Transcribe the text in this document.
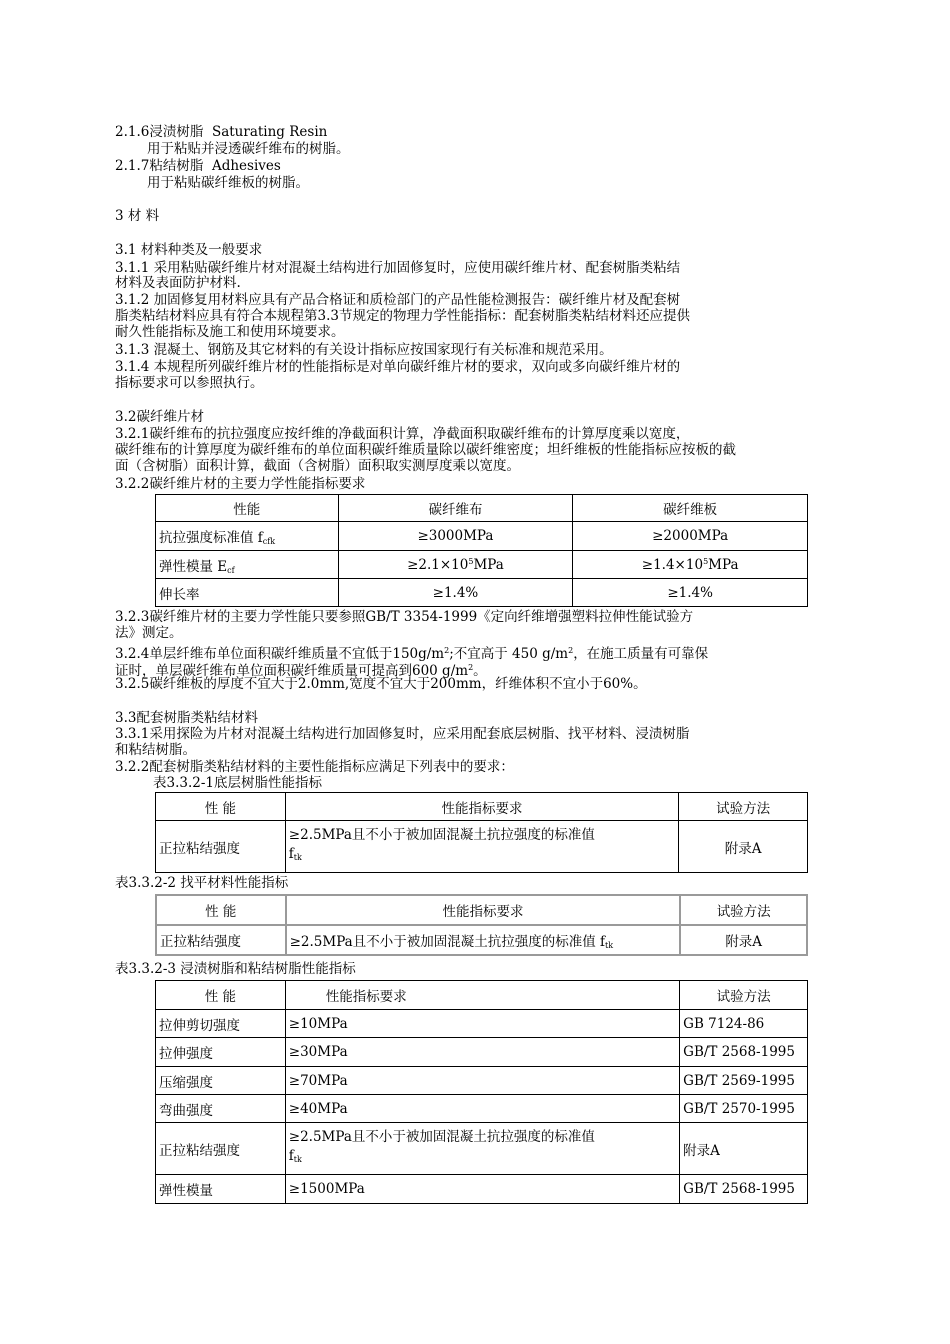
2.1.6浸渍树脂 Saturating Resin

用于粘贴并浸透碳纤维布的树脂。

2.1.7粘结树脂 Adhesives

用于粘贴碳纤维板的树脂。

3 材 料

3.1 材料种类及一般要求

3.1.1 采用粘贴碳纤维片材对混凝土结构进行加固修复时，应使用碳纤维片材、配套树脂类粘结

材料及表面防护材料.

3.1.2 加固修复用材料应具有产品合格证和质检部门的产品性能检测报告：碳纤维片材及配套树

脂类粘结材料应具有符合本规程第3.3节规定的物理力学性能指标：配套树脂类粘结材料还应提供

耐久性能指标及施工和使用环境要求。

3.1.3 混凝土、钢筋及其它材料的有关设计指标应按国家现行有关标准和规范采用。

3.1.4 本规程所列碳纤维片材的性能指标是对单向碳纤维片材的要求，双向或多向碳纤维片材的

指标要求可以参照执行。

3.2碳纤维片材

3.2.1碳纤维布的抗拉强度应按纤维的净截面积计算，净截面积取碳纤维布的计算厚度乘以宽度，

碳纤维布的计算厚度为碳纤维布的单位面积碳纤维质量除以碳纤维密度；坦纤维板的性能指标应按板的截

面（含树脂）面积计算，截面（含树脂）面积取实测厚度乘以宽度。

3.2.2碳纤维片材的主要力学性能指标要求

性能	碳纤维布	碳纤维板
抗拉强度标准值 $f_{cfk}$	≥3000MPa	≥2000MPa
弹性模量 $E_{cf}$	$\ge 2.1\times 10^5MPa$	$\ge 1.4\times 10^5MPa$
伸长率	≥1.4%	≥1.4%

3.2.3碳纤维片材的主要力学性能只要参照GB/T 3354-1999《定向纤维增强塑料拉伸性能试验方

法》测定。

3.2.4单层纤维布单位面积碳纤维质量不宜低于$150g/m^2$;不宜高于 450 $g/m^2$，在施工质量有可靠保

证时，单层碳纤维布单位面积碳纤维质量可提高到600 $g/m^2$。

3.2.5碳纤维板的厚度不宜大于2.0mm,宽度不宜大于200mm，纤维体积不宜小于60%。

3.3配套树脂类粘结材料

3.3.1采用探险为片材对混凝土结构进行加固修复时，应采用配套底层树脂、找平材料、浸渍树脂

和粘结树脂。

3.2.2配套树脂类粘结材料的主要性能指标应满足下列表中的要求：

表3.3.2-1底层树脂性能指标

性 能	性能指标要求	试验方法
正拉粘结强度	≥2.5MPa且不小于被加固混凝土抗拉强度的标准值
$f_{tk}$	附录A

表3.3.2-2 找平材料性能指标

性 能	性能指标要求	试验方法
正拉粘结强度	≥2.5MPa且不小于被加固混凝土抗拉强度的标准值 $f_{tk}$	附录A

表3.3.2-3 浸渍树脂和粘结树脂性能指标

性 能	性能指标要求	试验方法
拉伸剪切强度	≥10MPa	GB 7124-86
拉伸强度	≥30MPa	GB/T 2568-1995
压缩强度	≥70MPa	GB/T 2569-1995
弯曲强度	≥40MPa	GB/T 2570-1995
正拉粘结强度	≥2.5MPa且不小于被加固混凝土抗拉强度的标准值
$f_{tk}$	附录A
弹性模量	≥1500MPa	GB/T 2568-1995
